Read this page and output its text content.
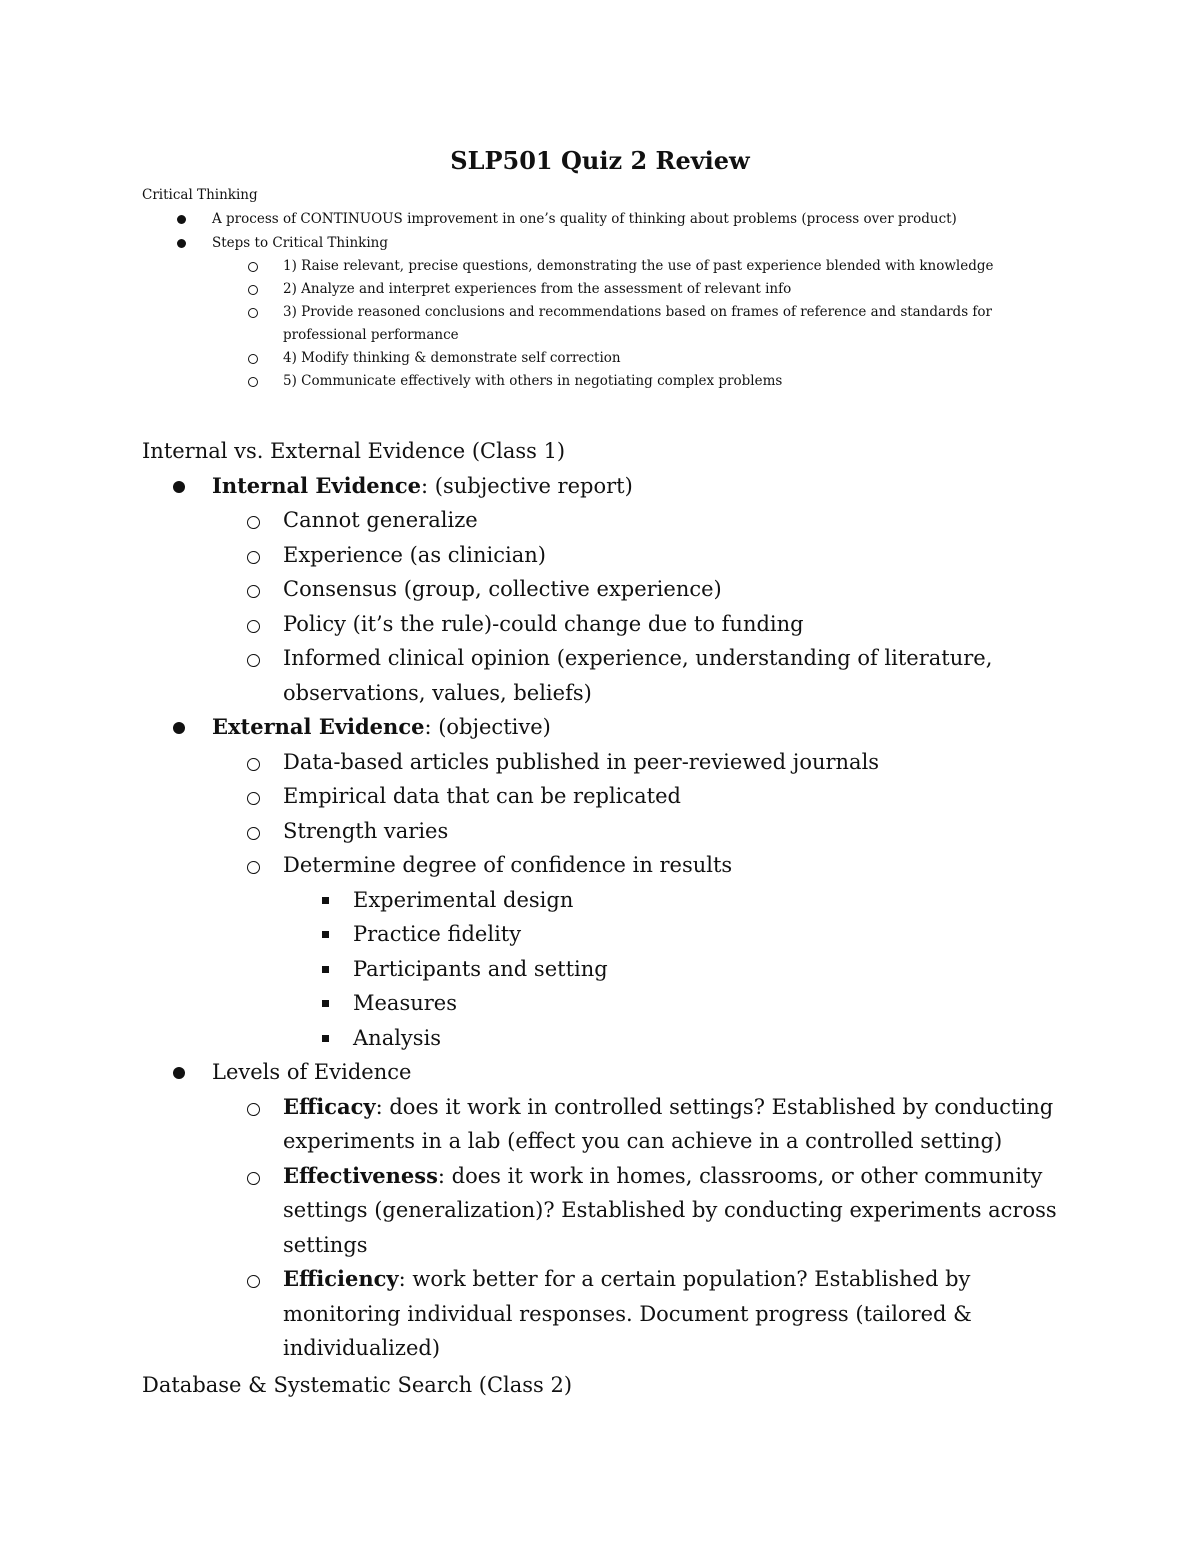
SLP501 Quiz 2 Review

Critical Thinking

A process of CONTINUOUS improvement in one’s quality of thinking about problems (process over product)
Steps to Critical Thinking
1) Raise relevant, precise questions, demonstrating the use of past experience blended with knowledge
2) Analyze and interpret experiences from the assessment of relevant info
3) Provide reasoned conclusions and recommendations based on frames of reference and standards for professional performance
4) Modify thinking & demonstrate self correction
5) Communicate effectively with others in negotiating complex problems

Internal vs. External Evidence (Class 1)

Internal Evidence: (subjective report)
Cannot generalize
Experience (as clinician)
Consensus (group, collective experience)
Policy (it’s the rule)-could change due to funding
Informed clinical opinion (experience, understanding of literature, observations, values, beliefs)
External Evidence: (objective)
Data-based articles published in peer-reviewed journals
Empirical data that can be replicated
Strength varies
Determine degree of confidence in results
Experimental design
Practice fidelity
Participants and setting
Measures
Analysis
Levels of Evidence
Efficacy: does it work in controlled settings? Established by conducting experiments in a lab (effect you can achieve in a controlled setting)
Effectiveness: does it work in homes, classrooms, or other community settings (generalization)? Established by conducting experiments across settings
Efficiency: work better for a certain population? Established by monitoring individual responses. Document progress (tailored & individualized)

Database & Systematic Search (Class 2)
